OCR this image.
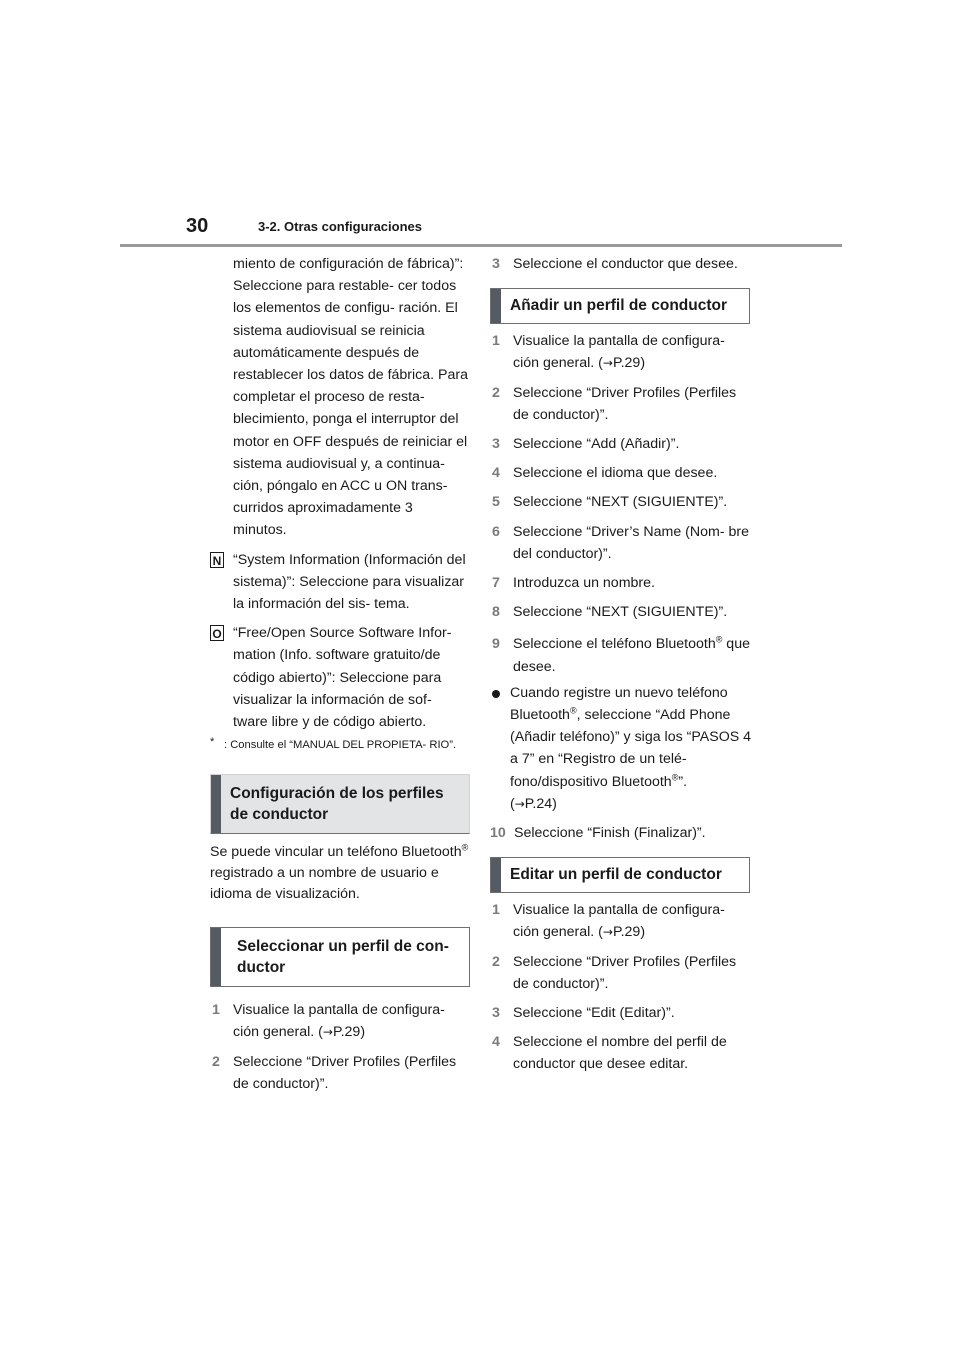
30	3-2. Otras configuraciones

miento de configuración de fábrica)”: Seleccione para restable- cer todos los elementos de configu- ración. El sistema audiovisual se reinicia automáticamente después de restablecer los datos de fábrica. Para completar el proceso de resta- blecimiento, ponga el interruptor del motor en OFF después de reiniciar el sistema audiovisual y, a continua- ción, póngalo en ACC u ON trans- curridos aproximadamente 3 minutos.

N “System Information (Información del sistema)”: Seleccione para visualizar la información del sis- tema.
O “Free/Open Source Software Infor- mation (Info. software gratuito/de código abierto)”: Seleccione para visualizar la información de sof- tware libre y de código abierto.
* : Consulte el “MANUAL DEL PROPIETA- RIO”.
Configuración de los perfiles de conductor

Se puede vincular un teléfono Bluetooth® registrado a un nombre de usuario e idioma de visualización.

Seleccionar un perfil de con- ductor
1 Visualice la pantalla de configura- ción general. (→P.29)
2 Seleccione “Driver Profiles (Perfiles de conductor)”.
3 Seleccione el conductor que desee.
Añadir un perfil de conductor
1 Visualice la pantalla de configura- ción general. (→P.29)
2 Seleccione “Driver Profiles (Perfiles de conductor)”.
3 Seleccione “Add (Añadir)”.
4 Seleccione el idioma que desee.
5 Seleccione “NEXT (SIGUIENTE)”.
6 Seleccione “Driver’s Name (Nom- bre del conductor)”.
7 Introduzca un nombre.
8 Seleccione “NEXT (SIGUIENTE)”.
9 Seleccione el teléfono Bluetooth® que desee.
Cuando registre un nuevo teléfono Bluetooth®, seleccione “Add Phone (Añadir teléfono)” y siga los “PASOS 4 a 7” en “Registro de un telé- fono/dispositivo Bluetooth®”.
(→P.24)
10 Seleccione “Finish (Finalizar)”.
Editar un perfil de conductor
1 Visualice la pantalla de configura- ción general. (→P.29)
2 Seleccione “Driver Profiles (Perfiles de conductor)”.
3 Seleccione “Edit (Editar)”.
4 Seleccione el nombre del perfil de conductor que desee editar.
